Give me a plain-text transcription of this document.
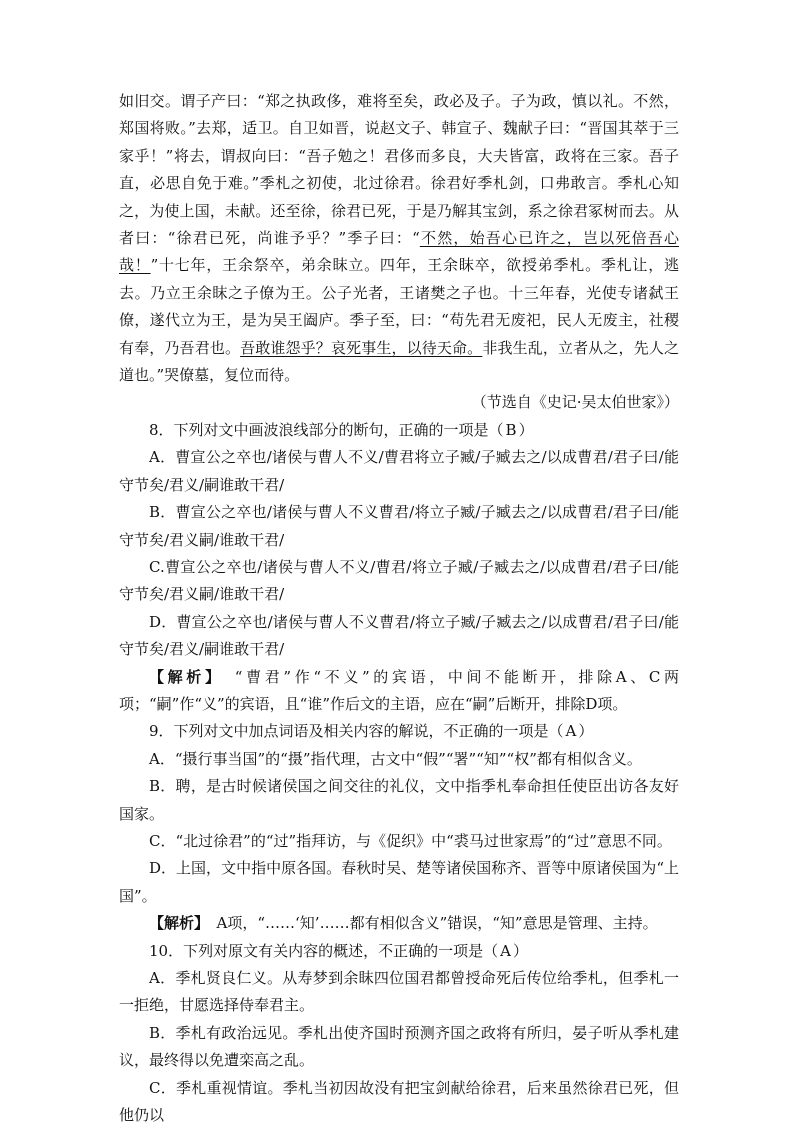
如旧交。谓子产曰：“郑之执政侈，难将至矣，政必及子。子为政，慎以礼。不然，郑国将败。”去郑，适卫。自卫如晋，说赵文子、韩宣子、魏献子曰：“晋国其萃于三家乎！”将去，谓叔向曰：“吾子勉之！君侈而多良，大夫皆富，政将在三家。吾子直，必思自免于难。”季札之初使，北过徐君。徐君好季札剑，口弗敢言。季札心知之，为使上国，未献。还至徐，徐君已死，于是乃解其宝剑，系之徐君冢树而去。从者曰：“徐君已死，尚谁予乎？”季子曰：“不然，始吾心已许之，岂以死倍吾心哉！”十七年，王余祭卒，弟余眜立。四年，王余眜卒，欲授弟季札。季札让，逃去。乃立王余眜之子僚为王。公子光者，王诸樊之子也。十三年春，光使专诸弑王僚，遂代立为王，是为吴王阖庐。季子至，曰：“苟先君无废祀，民人无废主，社稷有奉，乃吾君也。吾敢谁怨乎？哀死事生，以待天命。非我生乱，立者从之，先人之道也。”哭僚墓，复位而待。

（节选自《史记·吴太伯世家》）

8．下列对文中画波浪线部分的断句，正确的一项是（ B ）

A．曹宣公之卒也/诸侯与曹人不义/曹君将立子臧/子臧去之/以成曹君/君子曰/能守节矣/君义/嗣谁敢干君/

B．曹宣公之卒也/诸侯与曹人不义曹君/将立子臧/子臧去之/以成曹君/君子曰/能守节矣/君义嗣/谁敢干君/

C.曹宣公之卒也/诸侯与曹人不义/曹君/将立子臧/子臧去之/以成曹君/君子曰/能守节矣/君义嗣/谁敢干君/

D．曹宣公之卒也/诸侯与曹人不义曹君/将立子臧/子臧去之/以成曹君/君子曰/能守节矣/君义/嗣谁敢干君/

【解析】　 “曹君”作“不义”的宾语，中间不能断开，排除A、C两项；“嗣”作“义”的宾语，且“谁”作后文的主语，应在“嗣”后断开，排除D项。

9．下列对文中加点词语及相关内容的解说，不正确的一项是（ A ）

A．“摄行事当国”的“摄”指代理，古文中“假”“署”“知”“权”都有相似含义。

B．聘，是古时候诸侯国之间交往的礼仪，文中指季札奉命担任使臣出访各友好国家。

C．“北过徐君”的“过”指拜访，与《促织》中“裘马过世家焉”的“过”意思不同。

D．上国，文中指中原各国。春秋时吴、楚等诸侯国称齐、晋等中原诸侯国为“上国”。

【解析】　 A项，“……‘知’……都有相似含义”错误，“知”意思是管理、主持。

10．下列对原文有关内容的概述，不正确的一项是（ A ）

A．季札贤良仁义。从寿梦到余眜四位国君都曾授命死后传位给季札，但季札一一拒绝，甘愿选择侍奉君主。

B．季札有政治远见。季札出使齐国时预测齐国之政将有所归，晏子听从季札建议，最终得以免遭栾高之乱。

C．季札重视情谊。季札当初因故没有把宝剑献给徐君，后来虽然徐君已死，但他仍以
